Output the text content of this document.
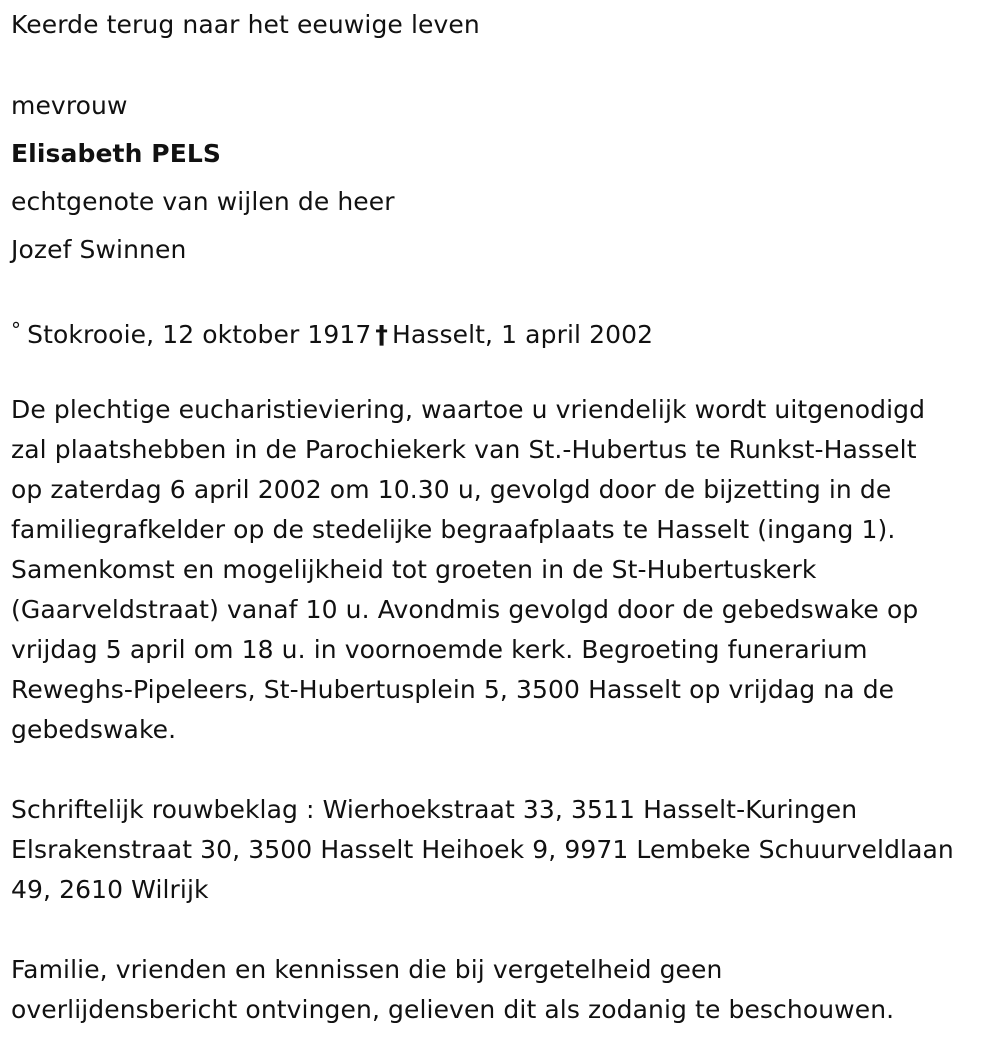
Keerde terug naar het eeuwige leven
mevrouw
Elisabeth PELS
echtgenote van wijlen de heer
Jozef Swinnen
° Stokrooie, 12 oktober 1917 † Hasselt, 1 april 2002
De plechtige eucharistieviering, waartoe u vriendelijk wordt uitgenodigd
zal plaatshebben in de Parochiekerk van St.-Hubertus te Runkst-Hasselt
op zaterdag 6 april 2002 om 10.30 u, gevolgd door de bijzetting in de
familiegrafkelder op de stedelijke begraafplaats te Hasselt (ingang 1).
Samenkomst en mogelijkheid tot groeten in de St-Hubertuskerk
(Gaarveldstraat) vanaf 10 u. Avondmis gevolgd door de gebedswake op
vrijdag 5 april om 18 u. in voornoemde kerk. Begroeting funerarium
Reweghs-Pipeleers, St-Hubertusplein 5, 3500 Hasselt op vrijdag na de
gebedswake.
Schriftelijk rouwbeklag : Wierhoekstraat 33, 3511 Hasselt-Kuringen
Elsrakenstraat 30, 3500 Hasselt Heihoek 9, 9971 Lembeke Schuurveldlaan
49, 2610 Wilrijk
Familie, vrienden en kennissen die bij vergetelheid geen
overlijdensbericht ontvingen, gelieven dit als zodanig te beschouwen.
